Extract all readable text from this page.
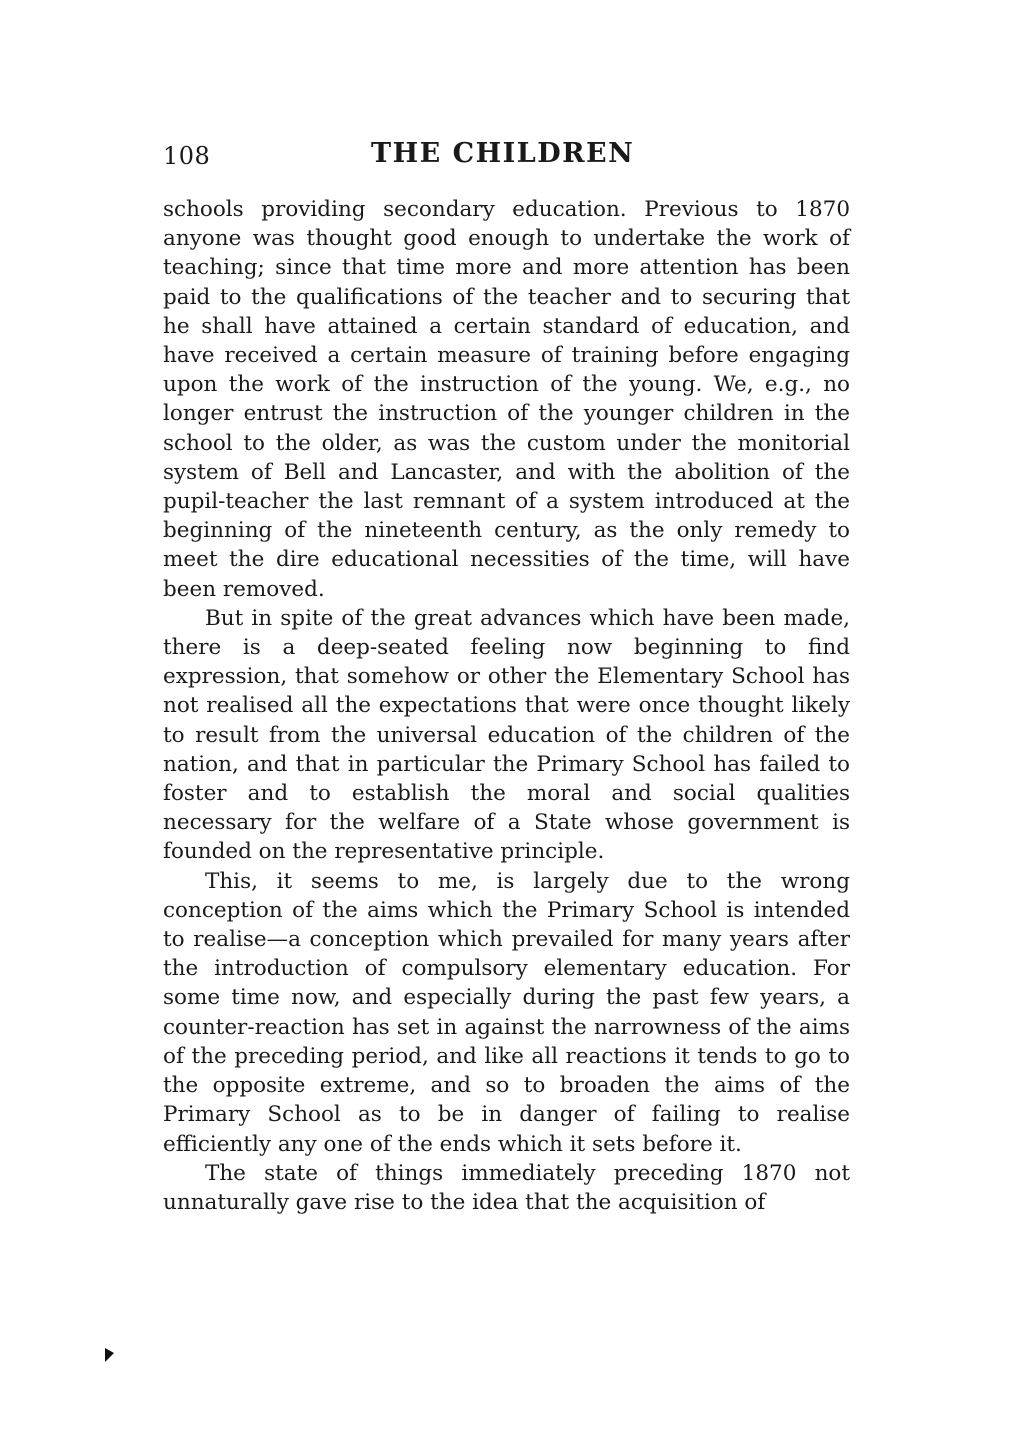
108	THE CHILDREN

schools providing secondary education. Previous to 1870 anyone was thought good enough to undertake the work of teaching; since that time more and more attention has been paid to the qualifications of the teacher and to securing that he shall have attained a certain standard of education, and have received a certain measure of training before engaging upon the work of the instruction of the young. We, e.g., no longer entrust the instruction of the younger children in the school to the older, as was the custom under the monitorial system of Bell and Lancaster, and with the abolition of the pupil-teacher the last remnant of a system introduced at the beginning of the nineteenth century, as the only remedy to meet the dire educational necessities of the time, will have been removed.

But in spite of the great advances which have been made, there is a deep-seated feeling now beginning to find expression, that somehow or other the Elementary School has not realised all the expectations that were once thought likely to result from the universal education of the children of the nation, and that in particular the Primary School has failed to foster and to establish the moral and social qualities necessary for the welfare of a State whose government is founded on the representative principle.

This, it seems to me, is largely due to the wrong conception of the aims which the Primary School is intended to realise—a conception which prevailed for many years after the introduction of compulsory elementary education. For some time now, and especially during the past few years, a counter-reaction has set in against the narrowness of the aims of the preceding period, and like all reactions it tends to go to the opposite extreme, and so to broaden the aims of the Primary School as to be in danger of failing to realise efficiently any one of the ends which it sets before it.

The state of things immediately preceding 1870 not unnaturally gave rise to the idea that the acquisition of
